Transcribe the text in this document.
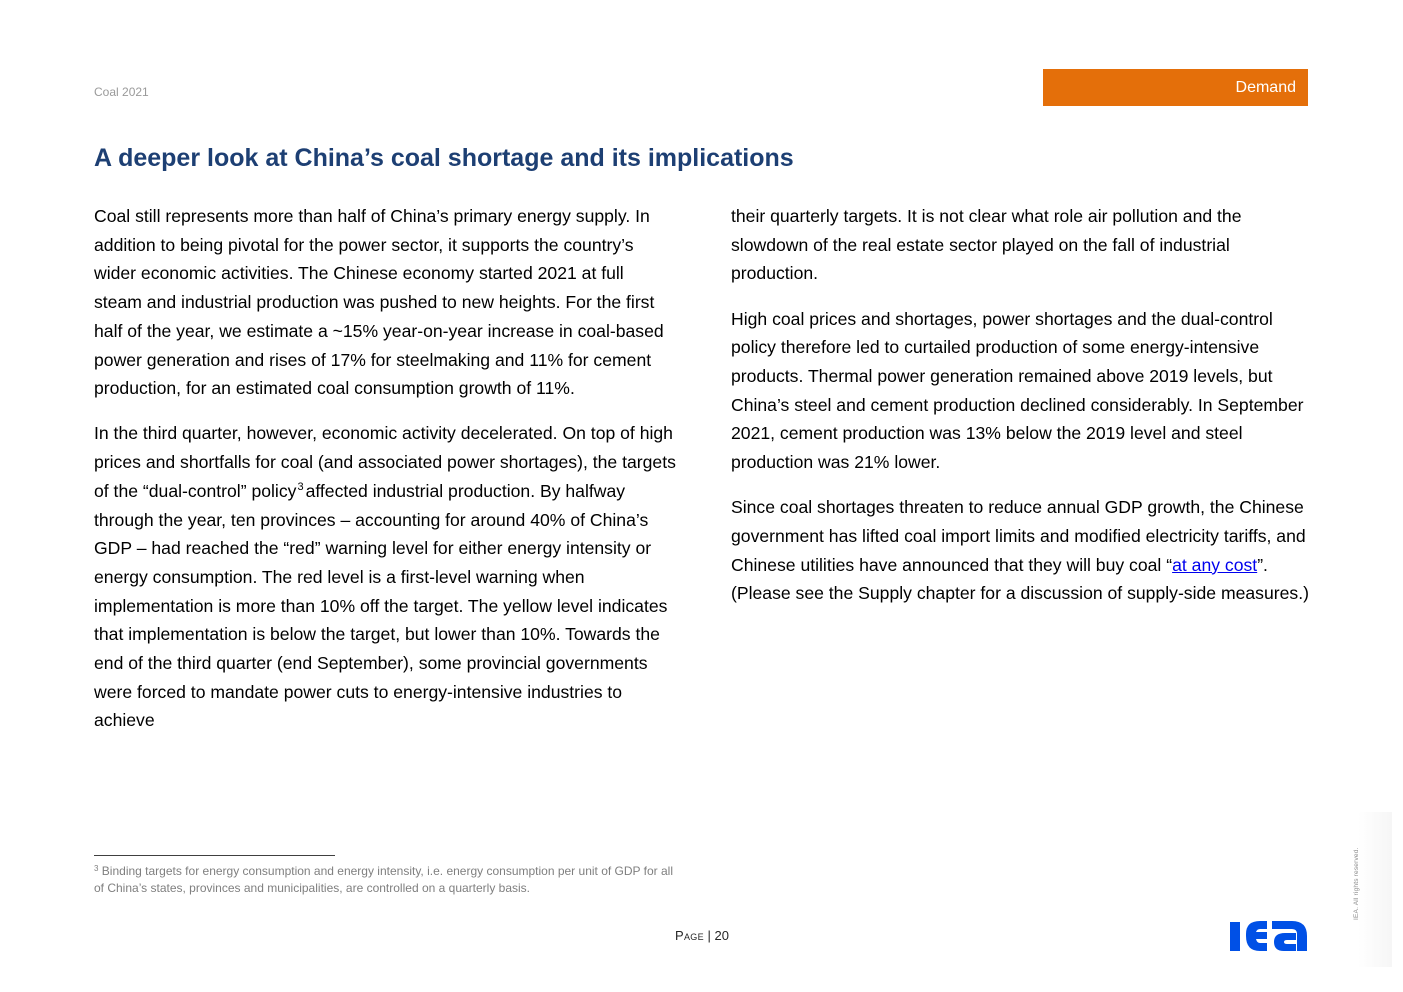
Coal 2021	Demand
A deeper look at China’s coal shortage and its implications

Coal still represents more than half of China’s primary energy supply. In addition to being pivotal for the power sector, it supports the country’s wider economic activities. The Chinese economy started 2021 at full steam and industrial production was pushed to new heights. For the first half of the year, we estimate a ~15% year-on-year increase in coal-based power generation and rises of 17% for steelmaking and 11% for cement production, for an estimated coal consumption growth of 11%.

In the third quarter, however, economic activity decelerated. On top of high prices and shortfalls for coal (and associated power shortages), the targets of the “dual-control” policy$^3$ affected industrial production. By halfway through the year, ten provinces – accounting for around 40% of China’s GDP – had reached the “red” warning level for either energy intensity or energy consumption. The red level is a first-level warning when implementation is more than 10% off the target. The yellow level indicates that implementation is below the target, but lower than 10%. Towards the end of the third quarter (end September), some provincial governments were forced to mandate power cuts to energy-intensive industries to achieve

their quarterly targets. It is not clear what role air pollution and the slowdown of the real estate sector played on the fall of industrial production.

High coal prices and shortages, power shortages and the dual-control policy therefore led to curtailed production of some energy-intensive products. Thermal power generation remained above 2019 levels, but China’s steel and cement production declined considerably. In September 2021, cement production was 13% below the 2019 level and steel production was 21% lower.

Since coal shortages threaten to reduce annual GDP growth, the Chinese government has lifted coal import limits and modified electricity tariffs, and Chinese utilities have announced that they will buy coal “at any cost”. (Please see the Supply chapter for a discussion of supply-side measures.)

$^3$ Binding targets for energy consumption and energy intensity, i.e. energy consumption per unit of GDP for all of China’s states, provinces and municipalities, are controlled on a quarterly basis.

Page | 20
IEA. All rights reserved.
